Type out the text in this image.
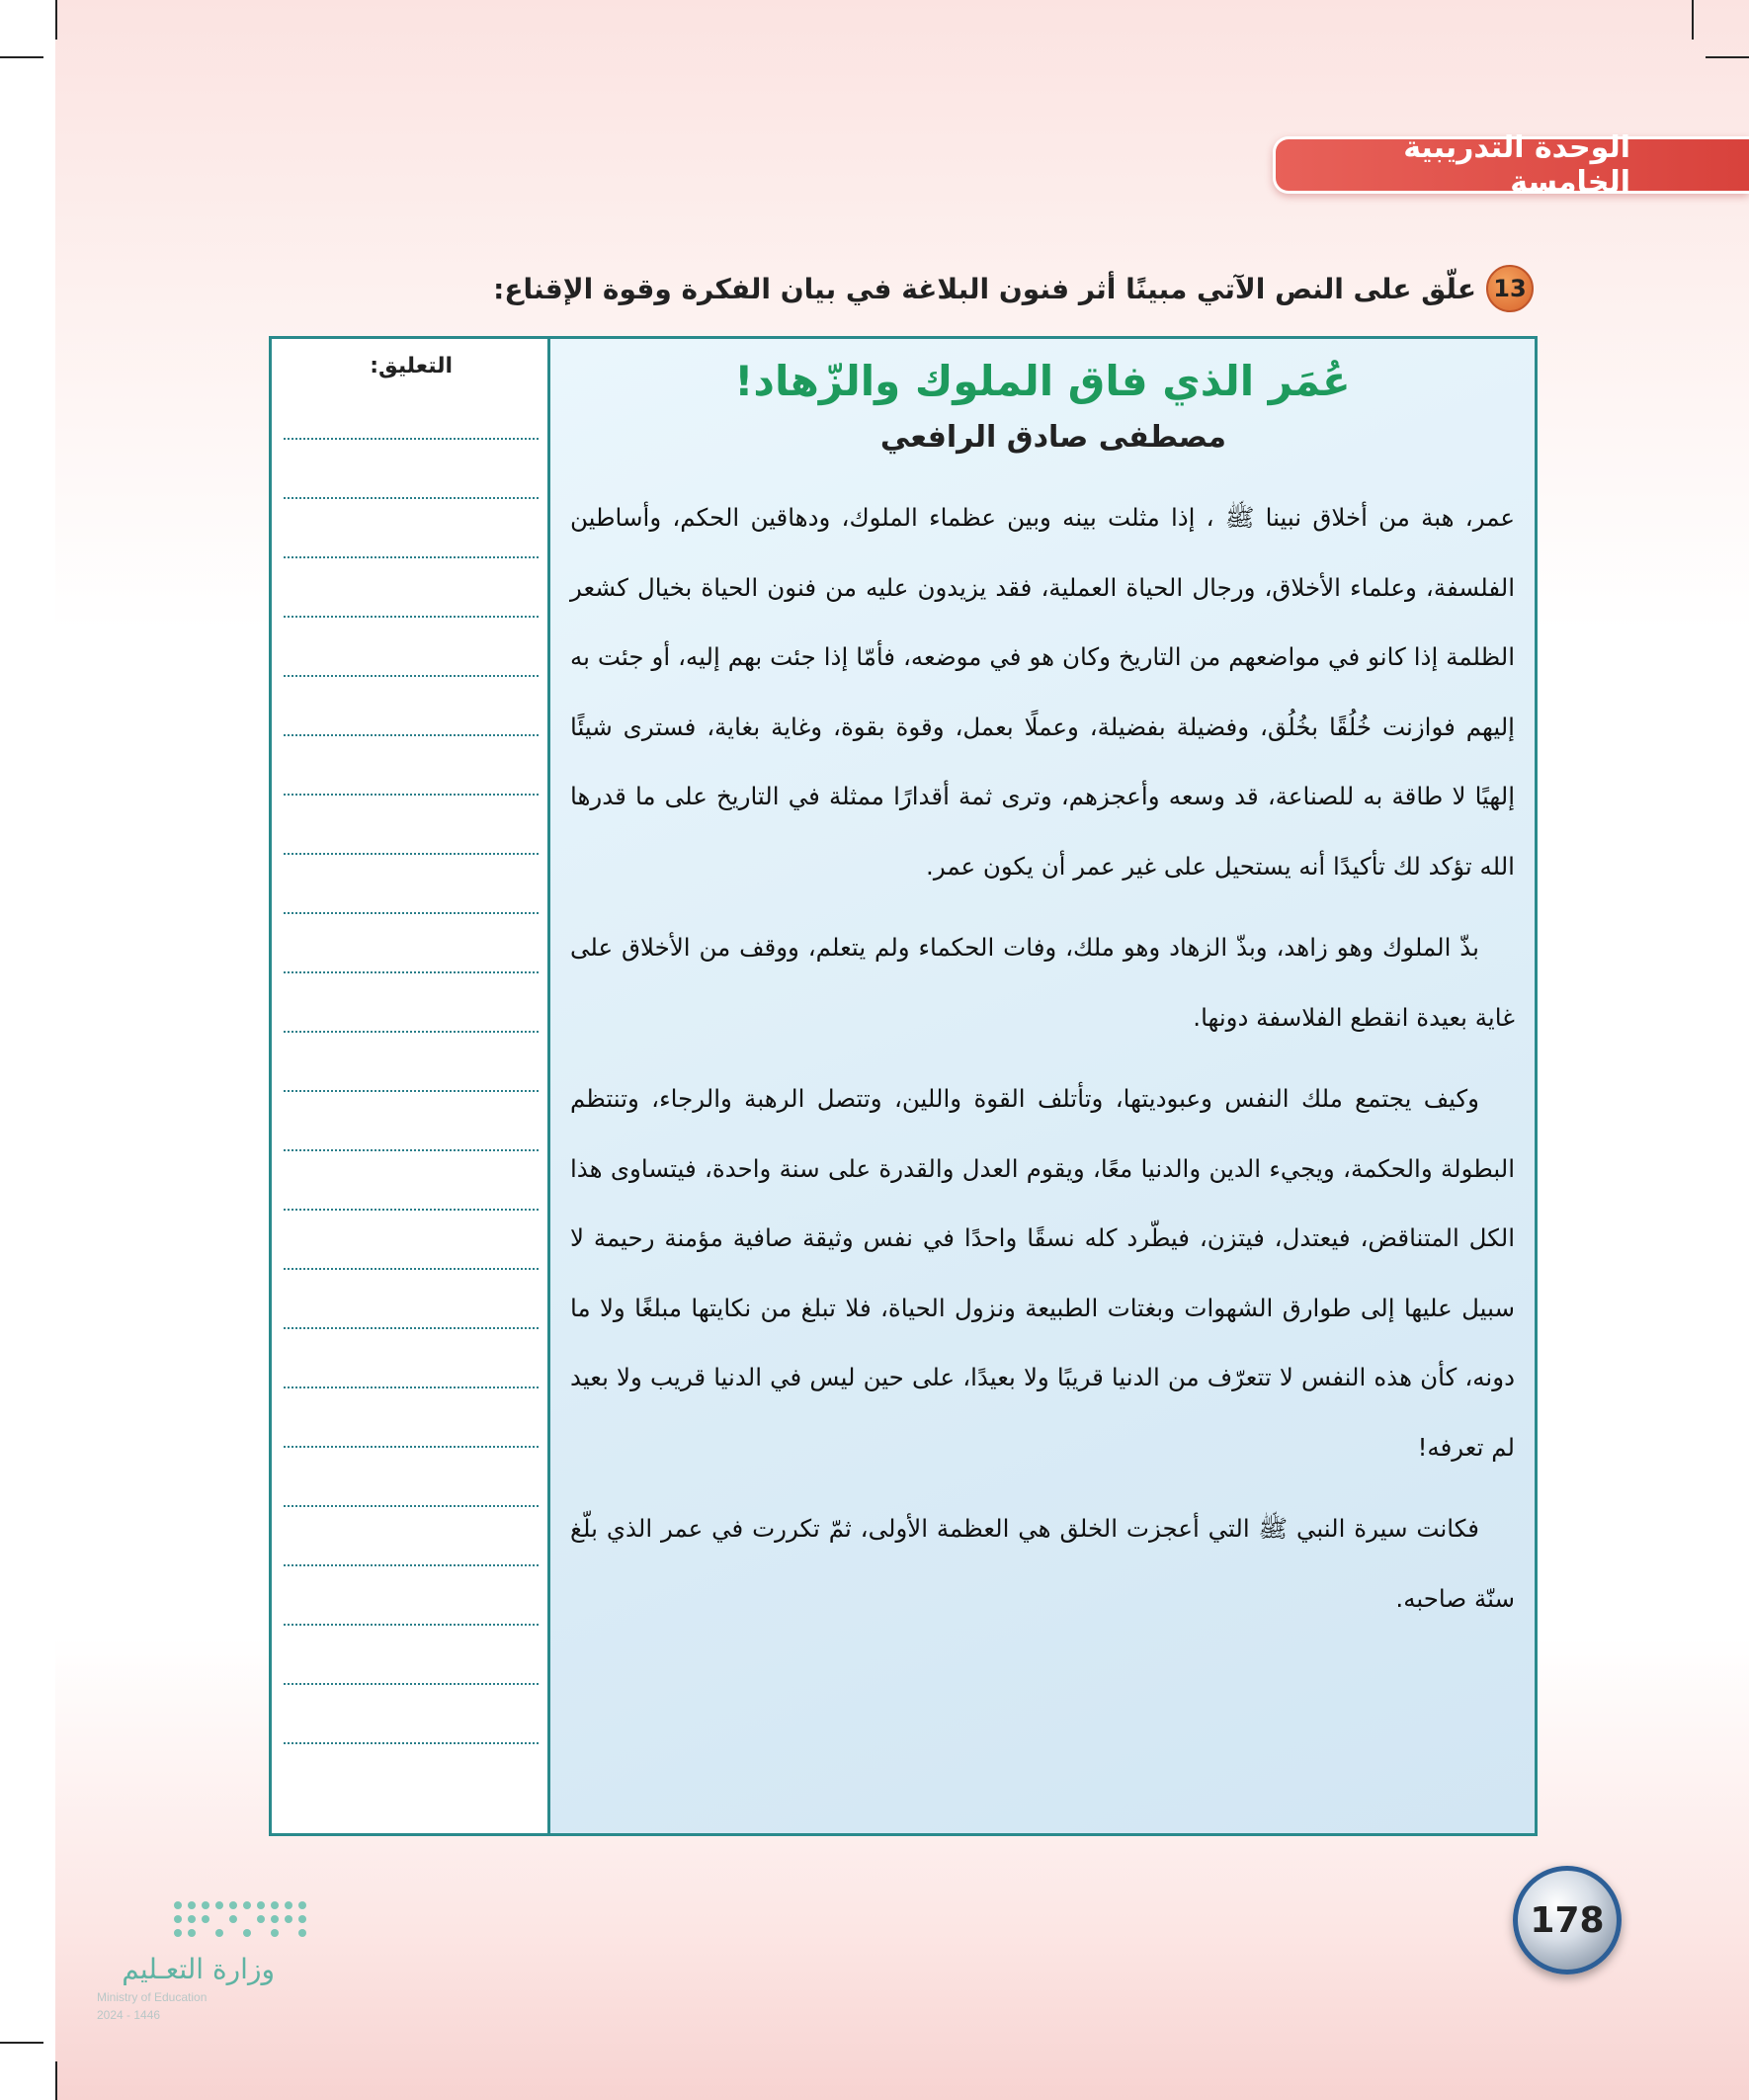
الوحدة التدريبية الخامسة
13
علّق على النص الآتي مبينًا أثر فنون البلاغة في بيان الفكرة وقوة الإقناع:
التعليق:	عُمَر الذي فاق الملوك والزّهاد!
مصطفى صادق الرافعي

عمر، هبة من أخلاق نبينا ﷺ ، إذا مثلت بينه وبين عظماء الملوك، ودهاقين الحكم، وأساطين الفلسفة، وعلماء الأخلاق، ورجال الحياة العملية، فقد يزيدون عليه من فنون الحياة بخيال كشعر الظلمة إذا كانو في مواضعهم من التاريخ وكان هو في موضعه، فأمّا إذا جئت بهم إليه، أو جئت به إليهم فوازنت خُلُقًا بخُلُق، وفضيلة بفضيلة، وعملًا بعمل، وقوة بقوة، وغاية بغاية، فسترى شيئًا إلهيًا لا طاقة به للصناعة، قد وسعه وأعجزهم، وترى ثمة أقدارًا ممثلة في التاريخ على ما قدرها الله تؤكد لك تأكيدًا أنه يستحيل على غير عمر أن يكون عمر.

بذّ الملوك وهو زاهد، وبذّ الزهاد وهو ملك، وفات الحكماء ولم يتعلم، ووقف من الأخلاق على غاية بعيدة انقطع الفلاسفة دونها.

وكيف يجتمع ملك النفس وعبوديتها، وتأتلف القوة واللين، وتتصل الرهبة والرجاء، وتنتظم البطولة والحكمة، ويجيء الدين والدنيا معًا، ويقوم العدل والقدرة على سنة واحدة، فيتساوى هذا الكل المتناقض، فيعتدل، فيتزن، فيطّرد كله نسقًا واحدًا في نفس وثيقة صافية مؤمنة رحيمة لا سبيل عليها إلى طوارق الشهوات وبغتات الطبيعة ونزول الحياة، فلا تبلغ من نكايتها مبلغًا ولا ما دونه، كأن هذه النفس لا تتعرّف من الدنيا قريبًا ولا بعيدًا، على حين ليس في الدنيا قريب ولا بعيد لم تعرفه!

فكانت سيرة النبي ﷺ التي أعجزت الخلق هي العظمة الأولى، ثمّ تكررت في عمر الذي بلّغ سنّة صاحبه.

178
وزارة التعـليم
Ministry of Education
2024 - 1446
